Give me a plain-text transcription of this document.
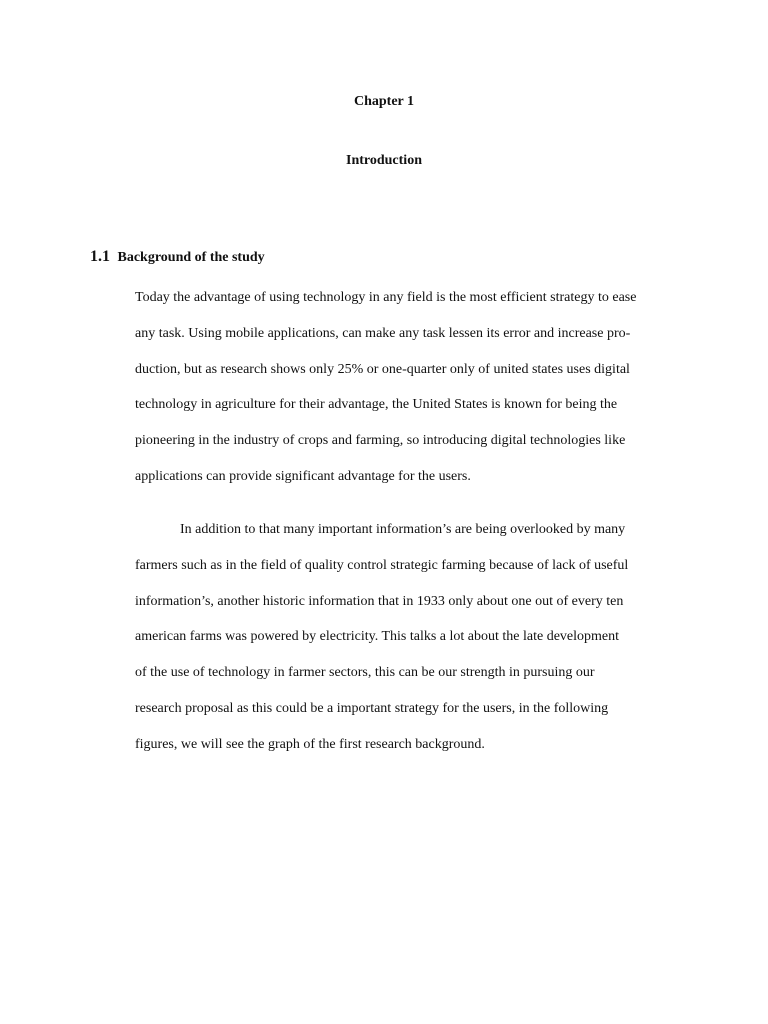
Chapter 1
Introduction
1.1 Background of the study
Today the advantage of using technology in any field is the most efficient strategy to ease
any task. Using mobile applications, can make any task lessen its error and increase pro-
duction, but as research shows only 25% or one-quarter only of united states uses digital
technology in agriculture for their advantage, the United States is known for being the
pioneering in the industry of crops and farming, so introducing digital technologies like
applications can provide significant advantage for the users.
In addition to that many important information’s are being overlooked by many
farmers such as in the field of quality control strategic farming because of lack of useful
information’s, another historic information that in 1933 only about one out of every ten
american farms was powered by electricity. This talks a lot about the late development
of the use of technology in farmer sectors, this can be our strength in pursuing our
research proposal as this could be a important strategy for the users, in the following
figures, we will see the graph of the first research background.
